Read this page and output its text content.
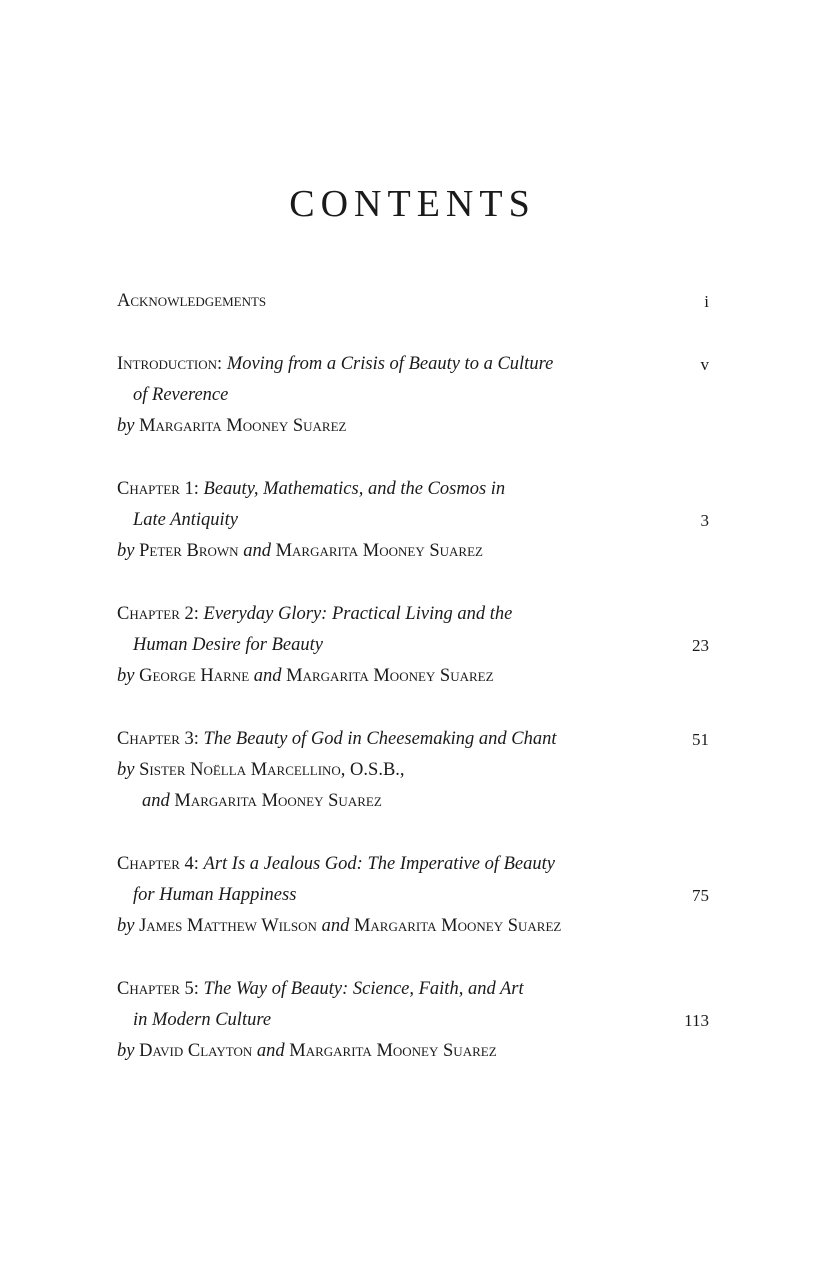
CONTENTS
Acknowledgements	i
Introduction: Moving from a Crisis of Beauty to a Culture	v
of Reverence
by Margarita Mooney Suarez
Chapter 1: Beauty, Mathematics, and the Cosmos in
Late Antiquity	3
by Peter Brown and Margarita Mooney Suarez
Chapter 2: Everyday Glory: Practical Living and the
Human Desire for Beauty	23
by George Harne and Margarita Mooney Suarez
Chapter 3: The Beauty of God in Cheesemaking and Chant	51
by Sister Noëlla Marcellino, O.S.B.,
and Margarita Mooney Suarez
Chapter 4: Art Is a Jealous God: The Imperative of Beauty
for Human Happiness	75
by James Matthew Wilson and Margarita Mooney Suarez
Chapter 5: The Way of Beauty: Science, Faith, and Art
in Modern Culture	113
by David Clayton and Margarita Mooney Suarez
